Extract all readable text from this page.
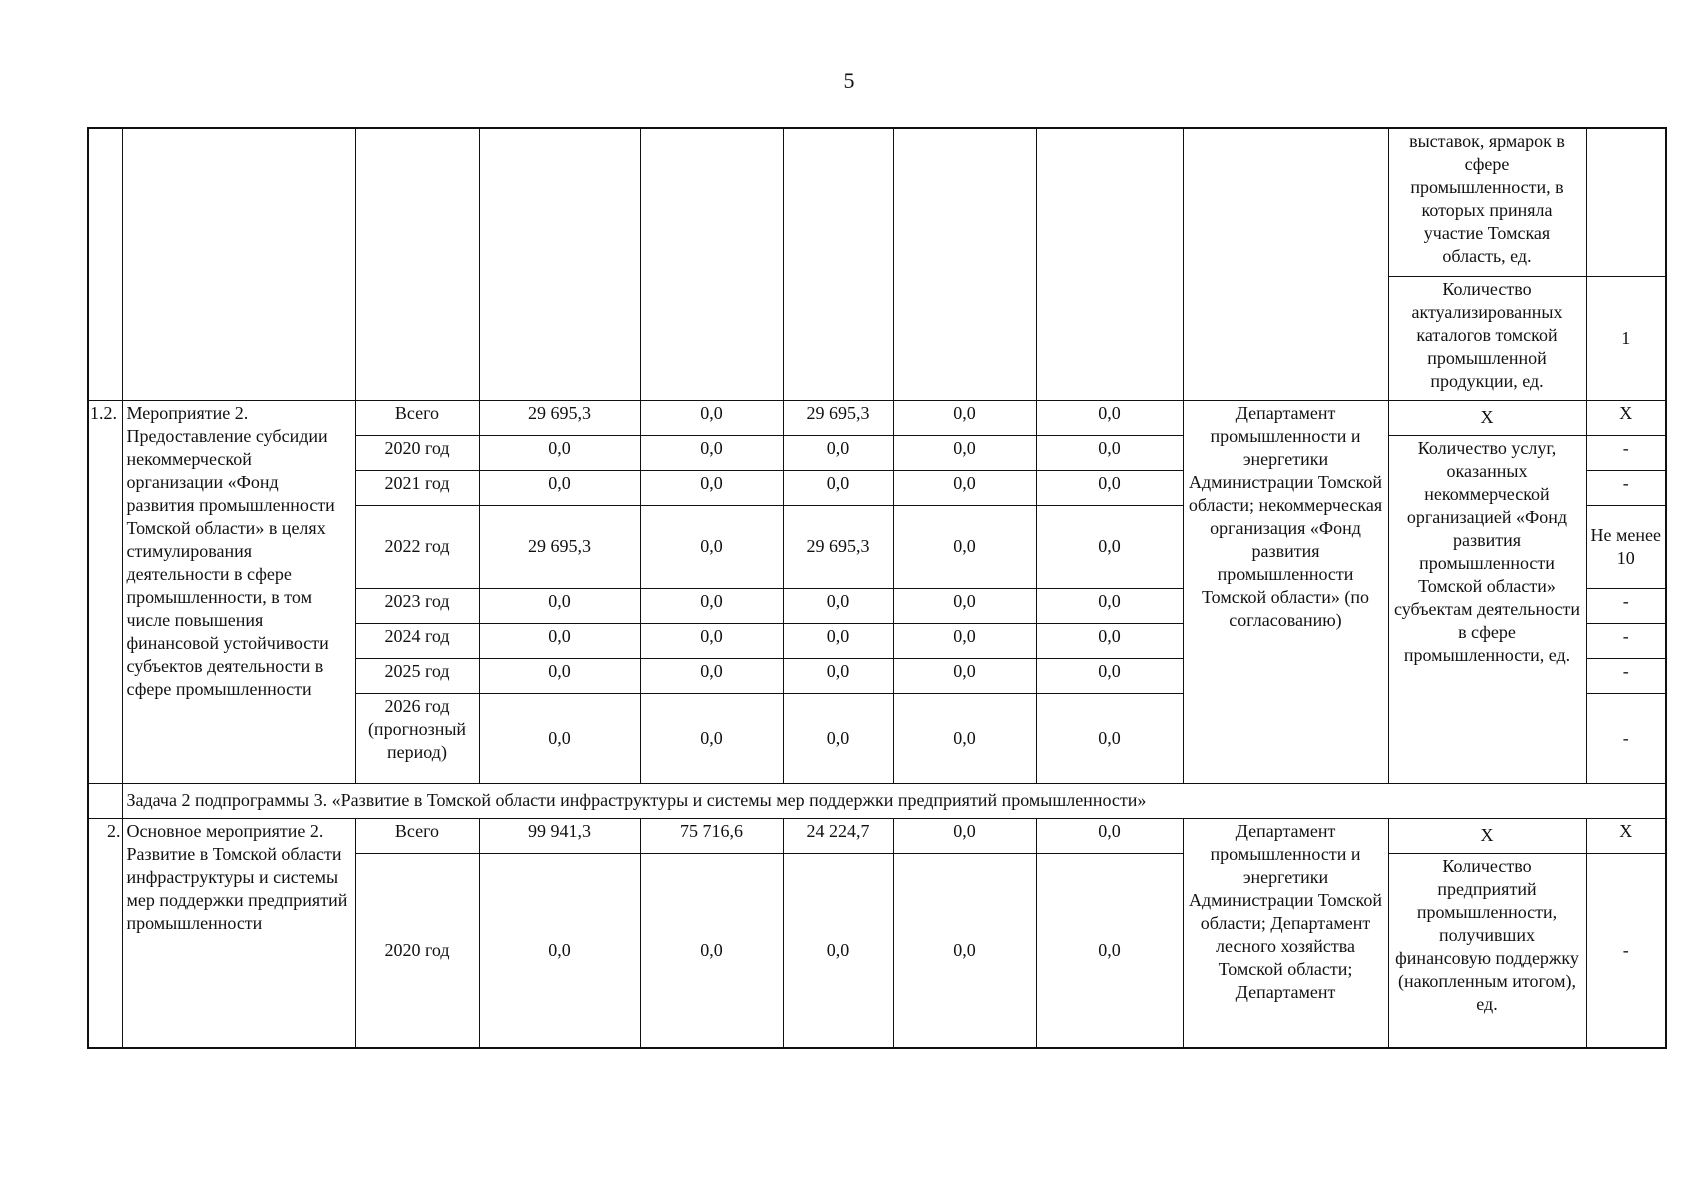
5
									выставок, ярмарок в сфере промышленности, в которых приняла участие Томская область, ед.	
									Количество актуализированных каталогов томской промышленной продукции, ед.	1
1.2.	Мероприятие 2. Предоставление субсидии некоммерческой организации «Фонд развития промышленности Томской области» в целях стимулирования деятельности в сфере промышленности, в том числе повышения финансовой устойчивости субъектов деятельности в сфере промышленности	Всего	29 695,3	0,0	29 695,3	0,0	0,0	Департамент промышленности и энергетики Администрации Томской области; некоммерческая организация «Фонд развития промышленности Томской области» (по согласованию)	Х	Х
		2020 год	0,0	0,0	0,0	0,0	0,0		Количество услуг, оказанных некоммерческой организацией «Фонд развития промышленности Томской области» субъектам деятельности в сфере промышленности, ед.	-
		2021 год	0,0	0,0	0,0	0,0	0,0			-
		2022 год	29 695,3	0,0	29 695,3	0,0	0,0			Не менее 10
		2023 год	0,0	0,0	0,0	0,0	0,0			-
		2024 год	0,0	0,0	0,0	0,0	0,0			-
		2025 год	0,0	0,0	0,0	0,0	0,0			-
		2026 год (прогнозный период)	0,0	0,0	0,0	0,0	0,0			-
	Задача 2 подпрограммы 3. «Развитие в Томской области инфраструктуры и системы мер поддержки предприятий промышленности»									
2.	Основное мероприятие 2. Развитие в Томской области инфраструктуры и системы мер поддержки предприятий промышленности	Всего	99 941,3	75 716,6	24 224,7	0,0	0,0	Департамент промышленности и энергетики Администрации Томской области; Департамент лесного хозяйства Томской области; Департамент	Х	Х
		2020 год	0,0	0,0	0,0	0,0	0,0		Количество предприятий промышленности, получивших финансовую поддержку (накопленным итогом), ед.	-
